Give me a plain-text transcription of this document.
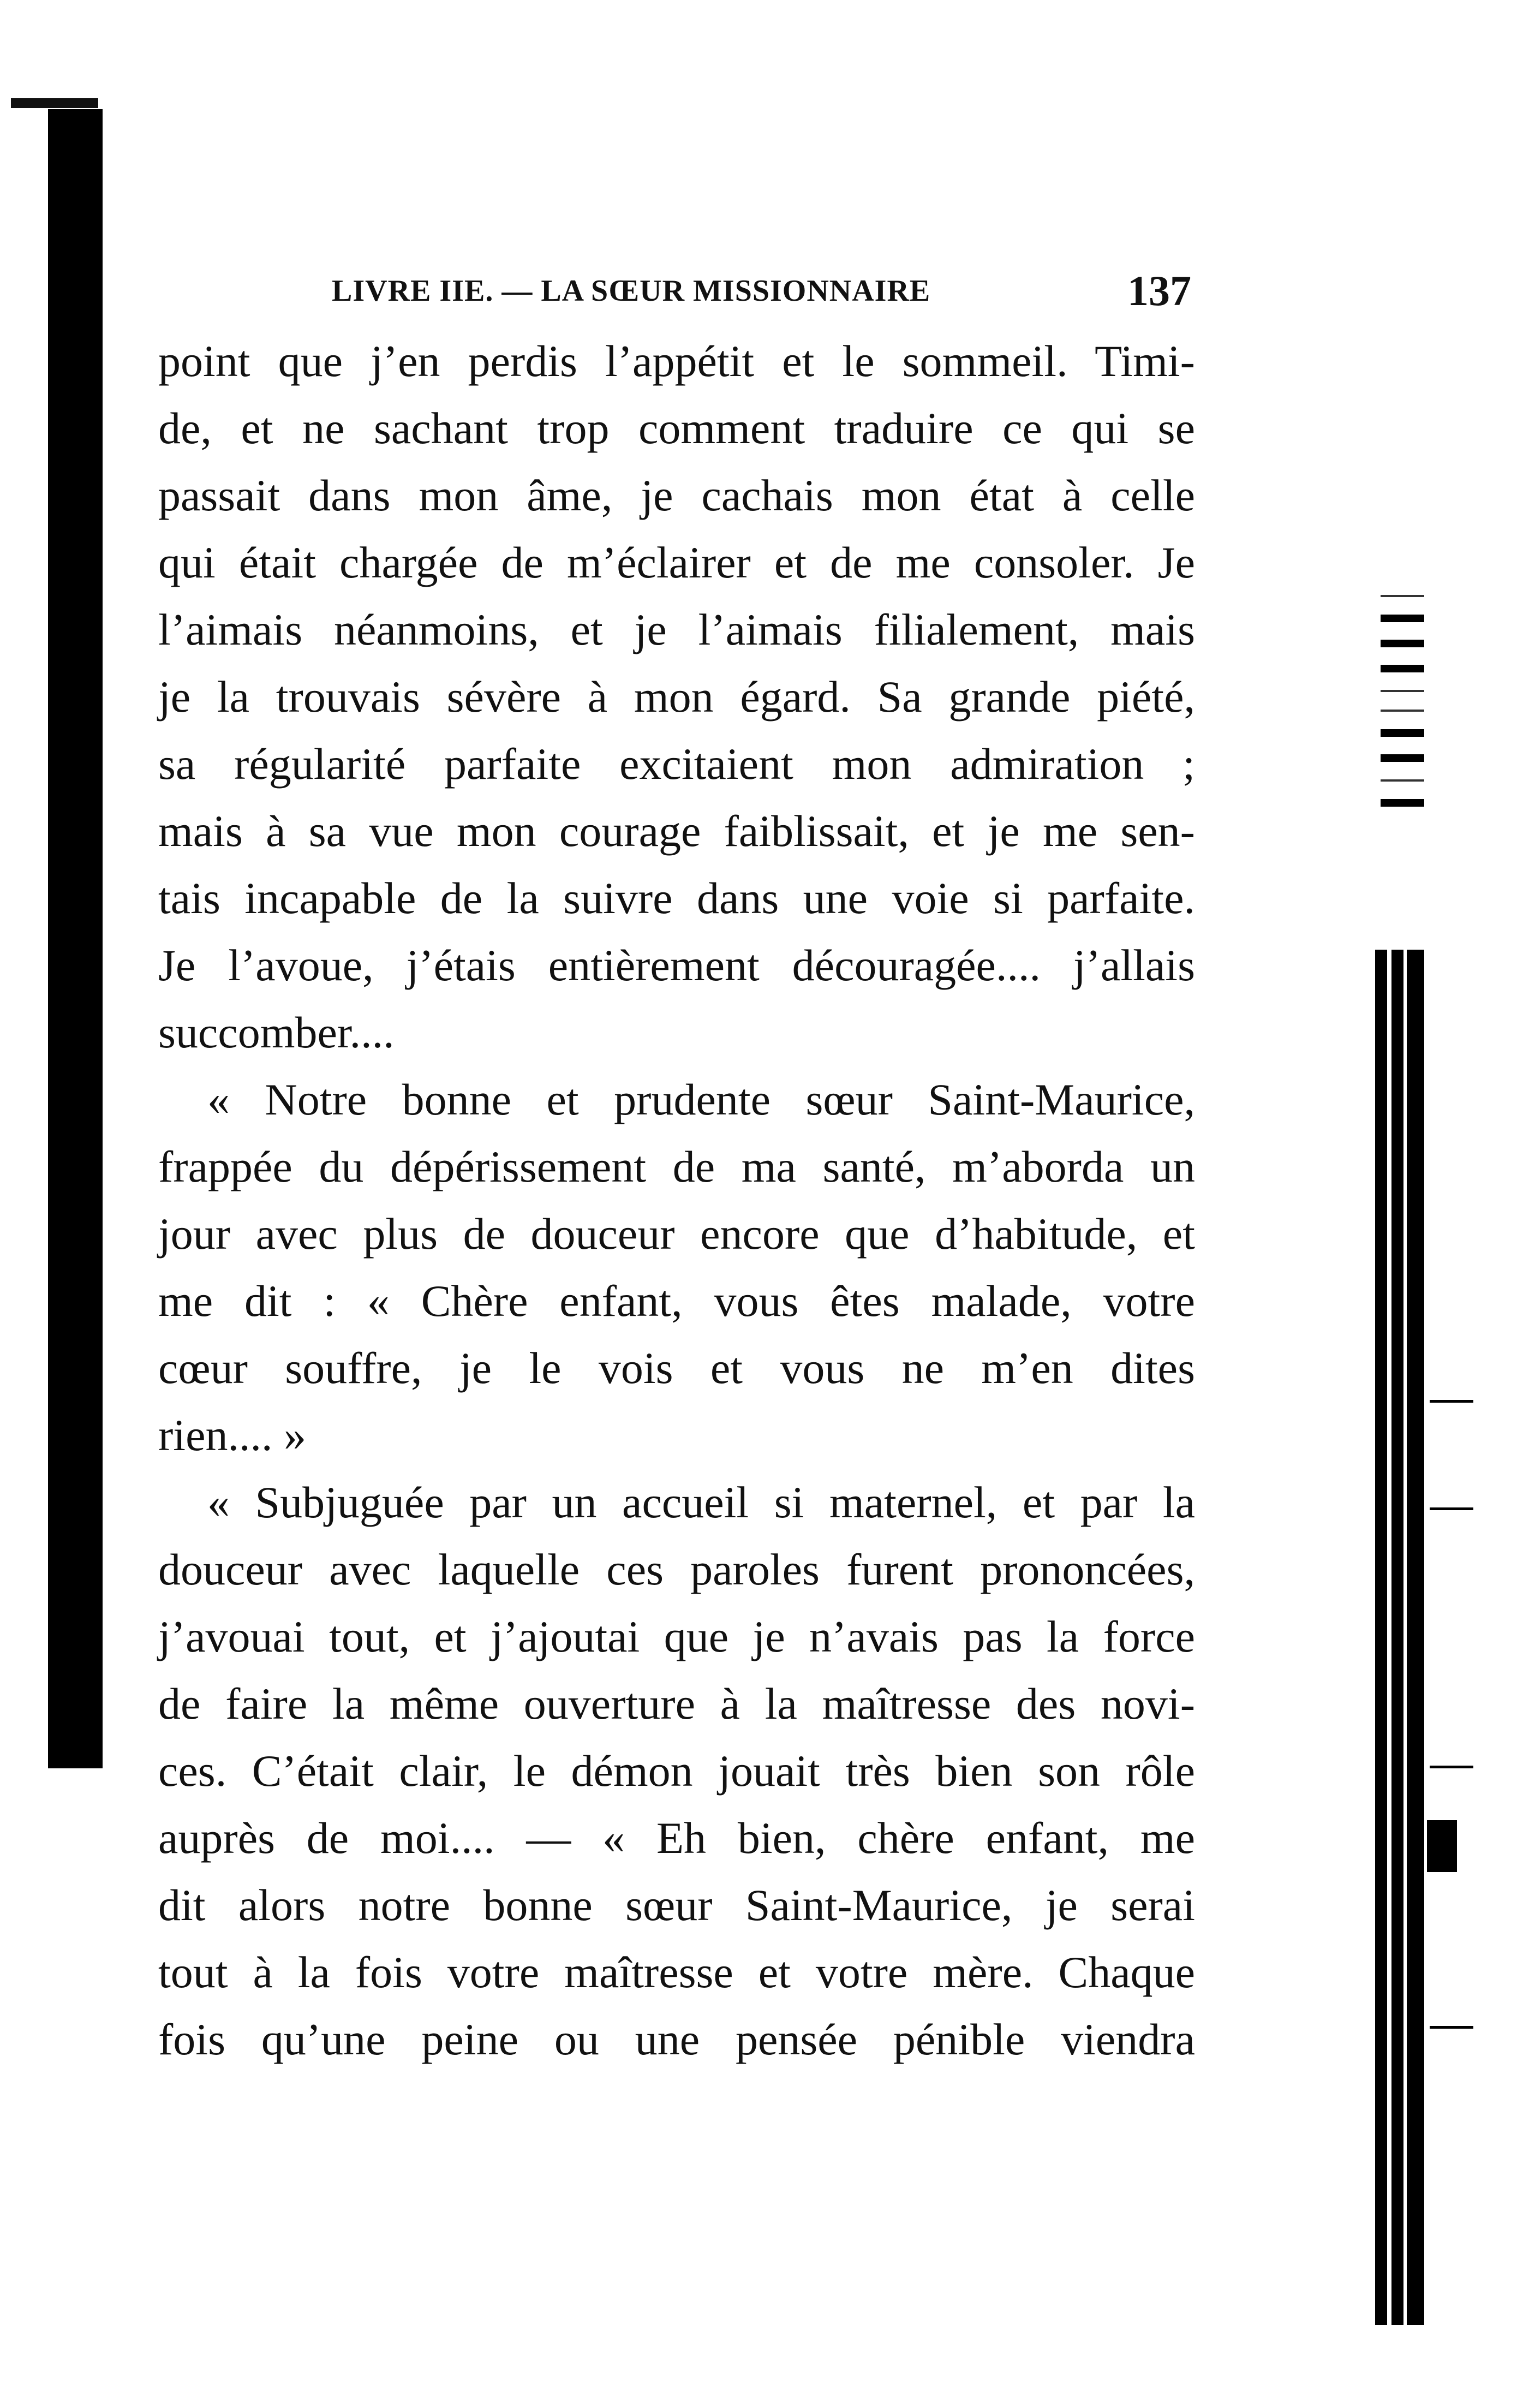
LIVRE IIE. — LA SŒUR MISSIONNAIRE	137
point que j’en perdis l’appétit et le sommeil. Timi-
de, et ne sachant trop comment traduire ce qui se
passait dans mon âme, je cachais mon état à celle
qui était chargée de m’éclairer et de me consoler. Je
l’aimais néanmoins, et je l’aimais filialement, mais
je la trouvais sévère à mon égard. Sa grande piété,
sa régularité parfaite excitaient mon admiration ;
mais à sa vue mon courage faiblissait, et je me sen-
tais incapable de la suivre dans une voie si parfaite.
Je l’avoue, j’étais entièrement découragée.... j’allais
succomber....
« Notre bonne et prudente sœur Saint-Maurice,
frappée du dépérissement de ma santé, m’aborda un
jour avec plus de douceur encore que d’habitude, et
me dit : « Chère enfant, vous êtes malade, votre
cœur souffre, je le vois et vous ne m’en dites
rien.... »
« Subjuguée par un accueil si maternel, et par la
douceur avec laquelle ces paroles furent prononcées,
j’avouai tout, et j’ajoutai que je n’avais pas la force
de faire la même ouverture à la maîtresse des novi-
ces. C’était clair, le démon jouait très bien son rôle
auprès de moi.... — « Eh bien, chère enfant, me
dit alors notre bonne sœur Saint-Maurice, je serai
tout à la fois votre maîtresse et votre mère. Chaque
fois qu’une peine ou une pensée pénible viendra
